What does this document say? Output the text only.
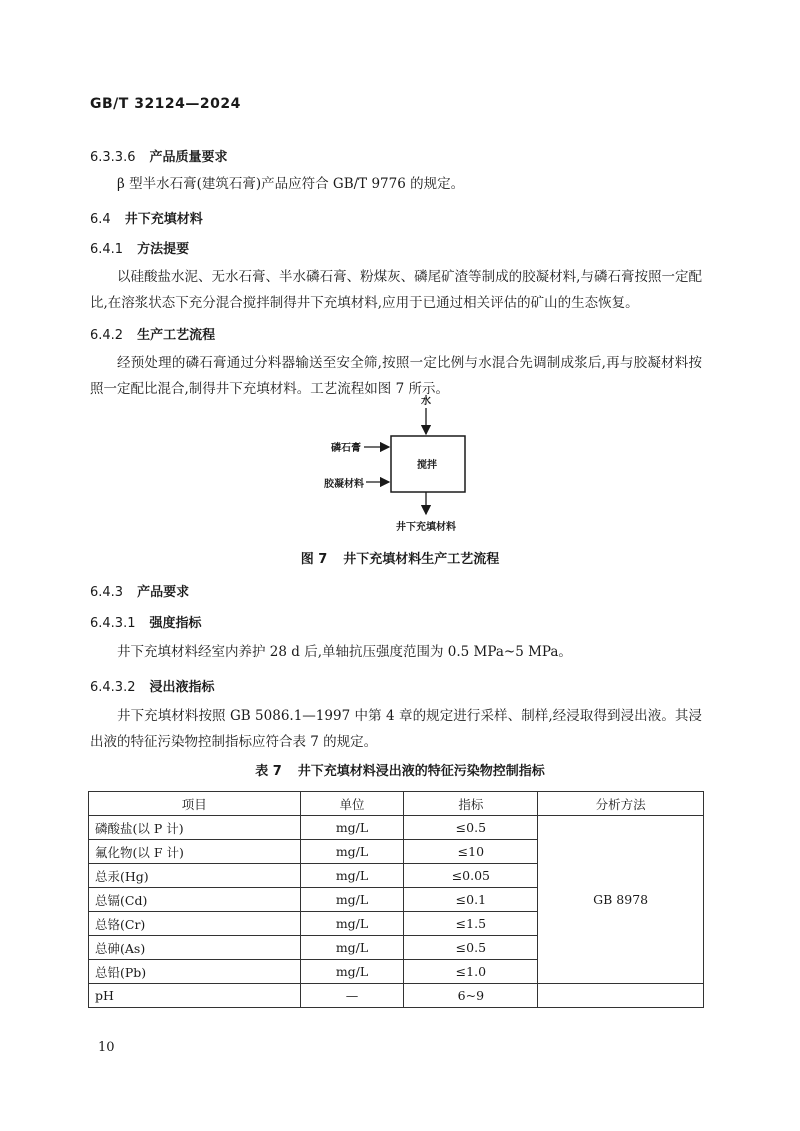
GB/T 32124—2024
6.3.3.6 产品质量要求
β 型半水石膏(建筑石膏)产品应符合 GB/T 9776 的规定。
6.4 井下充填材料
6.4.1 方法提要
以硅酸盐水泥、无水石膏、半水磷石膏、粉煤灰、磷尾矿渣等制成的胶凝材料,与磷石膏按照一定配比,在溶浆状态下充分混合搅拌制得井下充填材料,应用于已通过相关评估的矿山的生态恢复。
6.4.2 生产工艺流程
经预处理的磷石膏通过分料器输送至安全筛,按照一定比例与水混合先调制成浆后,再与胶凝材料按照一定配比混合,制得井下充填材料。工艺流程如图 7 所示。
水
搅拌
磷石膏
胶凝材料
井下充填材料
图 7 井下充填材料生产工艺流程
6.4.3 产品要求
6.4.3.1 强度指标
井下充填材料经室内养护 28 d 后,单轴抗压强度范围为 0.5 MPa~5 MPa。
6.4.3.2 浸出液指标
井下充填材料按照 GB 5086.1—1997 中第 4 章的规定进行采样、制样,经浸取得到浸出液。其浸出液的特征污染物控制指标应符合表 7 的规定。
表 7 井下充填材料浸出液的特征污染物控制指标
项目	单位	指标	分析方法
磷酸盐(以 P 计)	mg/L	≤0.5	GB 8978
氟化物(以 F 计)	mg/L	≤10	
总汞(Hg)	mg/L	≤0.05	
总镉(Cd)	mg/L	≤0.1	
总铬(Cr)	mg/L	≤1.5	
总砷(As)	mg/L	≤0.5	
总铅(Pb)	mg/L	≤1.0	
pH	—	6~9	
10
